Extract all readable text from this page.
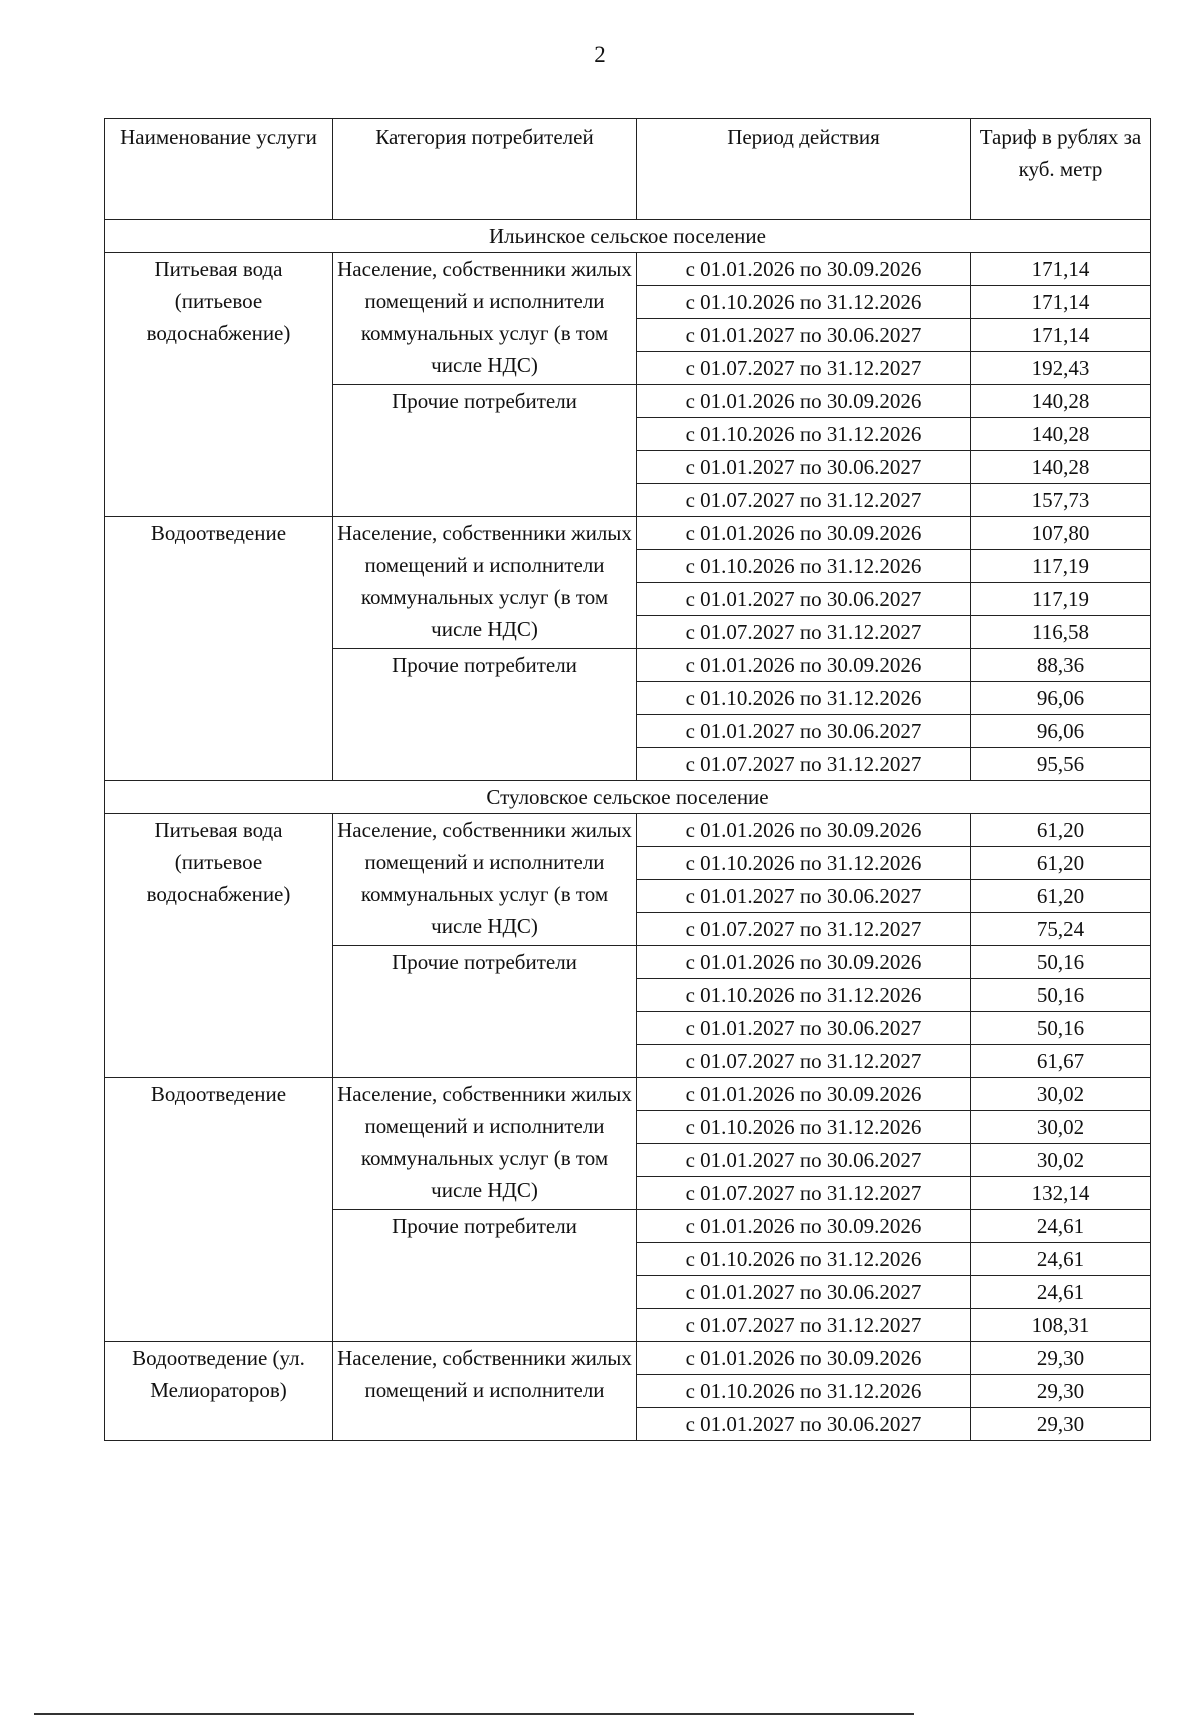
2
Наименование услуги	Категория потребителей	Период действия	Тариф в рублях за куб. метр
Ильинское сельское поселение			
Питьевая вода (питьевое водоснабжение)	Население, собственники жилых помещений и исполнители коммунальных услуг (в том числе НДС)	с 01.01.2026 по 30.09.2026	171,14
		с 01.10.2026 по 31.12.2026	171,14
		с 01.01.2027 по 30.06.2027	171,14
		с 01.07.2027 по 31.12.2027	192,43
	Прочие потребители	с 01.01.2026 по 30.09.2026	140,28
		с 01.10.2026 по 31.12.2026	140,28
		с 01.01.2027 по 30.06.2027	140,28
		с 01.07.2027 по 31.12.2027	157,73
Водоотведение	Население, собственники жилых помещений и исполнители коммунальных услуг (в том числе НДС)	с 01.01.2026 по 30.09.2026	107,80
		с 01.10.2026 по 31.12.2026	117,19
		с 01.01.2027 по 30.06.2027	117,19
		с 01.07.2027 по 31.12.2027	116,58
	Прочие потребители	с 01.01.2026 по 30.09.2026	88,36
		с 01.10.2026 по 31.12.2026	96,06
		с 01.01.2027 по 30.06.2027	96,06
		с 01.07.2027 по 31.12.2027	95,56
Стуловское сельское поселение			
Питьевая вода (питьевое водоснабжение)	Население, собственники жилых помещений и исполнители коммунальных услуг (в том числе НДС)	с 01.01.2026 по 30.09.2026	61,20
		с 01.10.2026 по 31.12.2026	61,20
		с 01.01.2027 по 30.06.2027	61,20
		с 01.07.2027 по 31.12.2027	75,24
	Прочие потребители	с 01.01.2026 по 30.09.2026	50,16
		с 01.10.2026 по 31.12.2026	50,16
		с 01.01.2027 по 30.06.2027	50,16
		с 01.07.2027 по 31.12.2027	61,67
Водоотведение	Население, собственники жилых помещений и исполнители коммунальных услуг (в том числе НДС)	с 01.01.2026 по 30.09.2026	30,02
		с 01.10.2026 по 31.12.2026	30,02
		с 01.01.2027 по 30.06.2027	30,02
		с 01.07.2027 по 31.12.2027	132,14
	Прочие потребители	с 01.01.2026 по 30.09.2026	24,61
		с 01.10.2026 по 31.12.2026	24,61
		с 01.01.2027 по 30.06.2027	24,61
		с 01.07.2027 по 31.12.2027	108,31
Водоотведение (ул. Мелиораторов)	Население, собственники жилых помещений и исполнители	с 01.01.2026 по 30.09.2026	29,30
		с 01.10.2026 по 31.12.2026	29,30
		с 01.01.2027 по 30.06.2027	29,30
